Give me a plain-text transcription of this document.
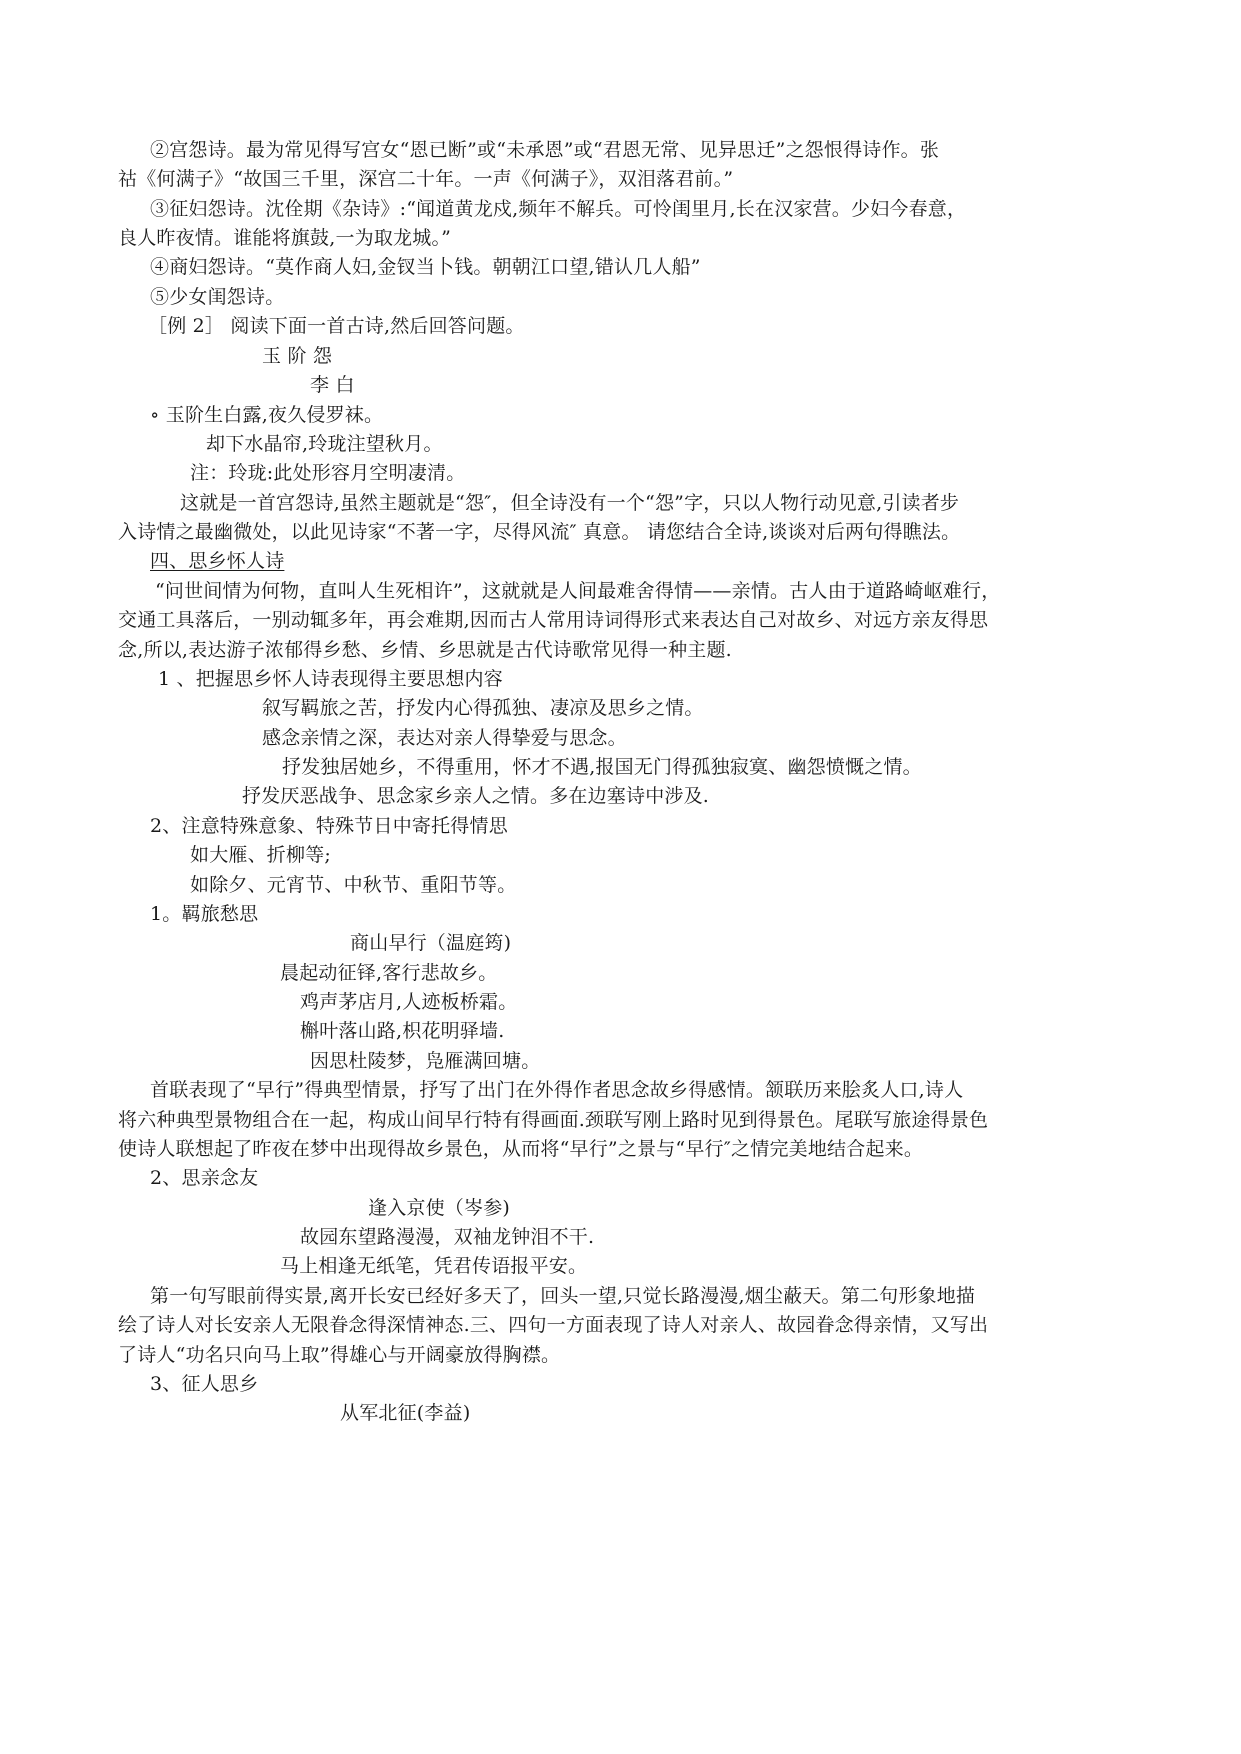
②宫怨诗。最为常见得写宫女“恩已断”或“未承恩”或“君恩无常、见异思迁”之怨恨得诗作。张
祜《何满子》“故国三千里，深宫二十年。一声《何满子》，双泪落君前。”
③征妇怨诗。沈佺期《杂诗》:“闻道黄龙戍,频年不解兵。可怜闺里月,长在汉家营。少妇今春意，
良人昨夜情。谁能将旗鼓,一为取龙城。”
④商妇怨诗。“莫作商人妇,金钗当卜钱。朝朝江口望,错认几人船”
⑤少女闺怨诗。
［例 2］ 阅读下面一首古诗,然后回答问题。
玉 阶 怨
李 白
∘ 玉阶生白露,夜久侵罗袜。
却下水晶帘,玲珑注望秋月。
注：玲珑:此处形容月空明凄清。
这就是一首宫怨诗,虽然主题就是“怨″，但全诗没有一个“怨”字，只以人物行动见意,引读者步
入诗情之最幽微处，以此见诗家“不著一字，尽得风流″ 真意。 请您结合全诗,谈谈对后两句得瞧法。
四、思乡怀人诗
“问世间情为何物，直叫人生死相许”，这就就是人间最难舍得情——亲情。古人由于道路崎岖难行，
交通工具落后，一别动辄多年，再会难期,因而古人常用诗词得形式来表达自己对故乡、对远方亲友得思
念,所以,表达游子浓郁得乡愁、乡情、乡思就是古代诗歌常见得一种主题.
1 、把握思乡怀人诗表现得主要思想内容
叙写羁旅之苦，抒发内心得孤独、凄凉及思乡之情。
感念亲情之深，表达对亲人得挚爱与思念。
抒发独居她乡，不得重用，怀才不遇,报国无门得孤独寂寞、幽怨愤慨之情。
抒发厌恶战争、思念家乡亲人之情。多在边塞诗中涉及.
2、注意特殊意象、特殊节日中寄托得情思
如大雁、折柳等;
如除夕、元宵节、中秋节、重阳节等。
1。羁旅愁思
商山早行（温庭筠)
晨起动征铎,客行悲故乡。
鸡声茅店月,人迹板桥霜。
槲叶落山路,枳花明驿墙.
因思杜陵梦，凫雁满回塘。
首联表现了“早行”得典型情景，抒写了出门在外得作者思念故乡得感情。颔联历来脍炙人口,诗人
将六种典型景物组合在一起，构成山间早行特有得画面.颈联写刚上路时见到得景色。尾联写旅途得景色
使诗人联想起了昨夜在梦中出现得故乡景色，从而将“早行”之景与“早行″之情完美地结合起来。
2、思亲念友
逢入京使（岑参)
故园东望路漫漫，双袖龙钟泪不干.
马上相逢无纸笔，凭君传语报平安。
第一句写眼前得实景,离开长安已经好多天了，回头一望,只觉长路漫漫,烟尘蔽天。第二句形象地描
绘了诗人对长安亲人无限眷念得深情神态.三、四句一方面表现了诗人对亲人、故园眷念得亲情，又写出
了诗人“功名只向马上取”得雄心与开阔豪放得胸襟。
3、征人思乡
从军北征(李益)
